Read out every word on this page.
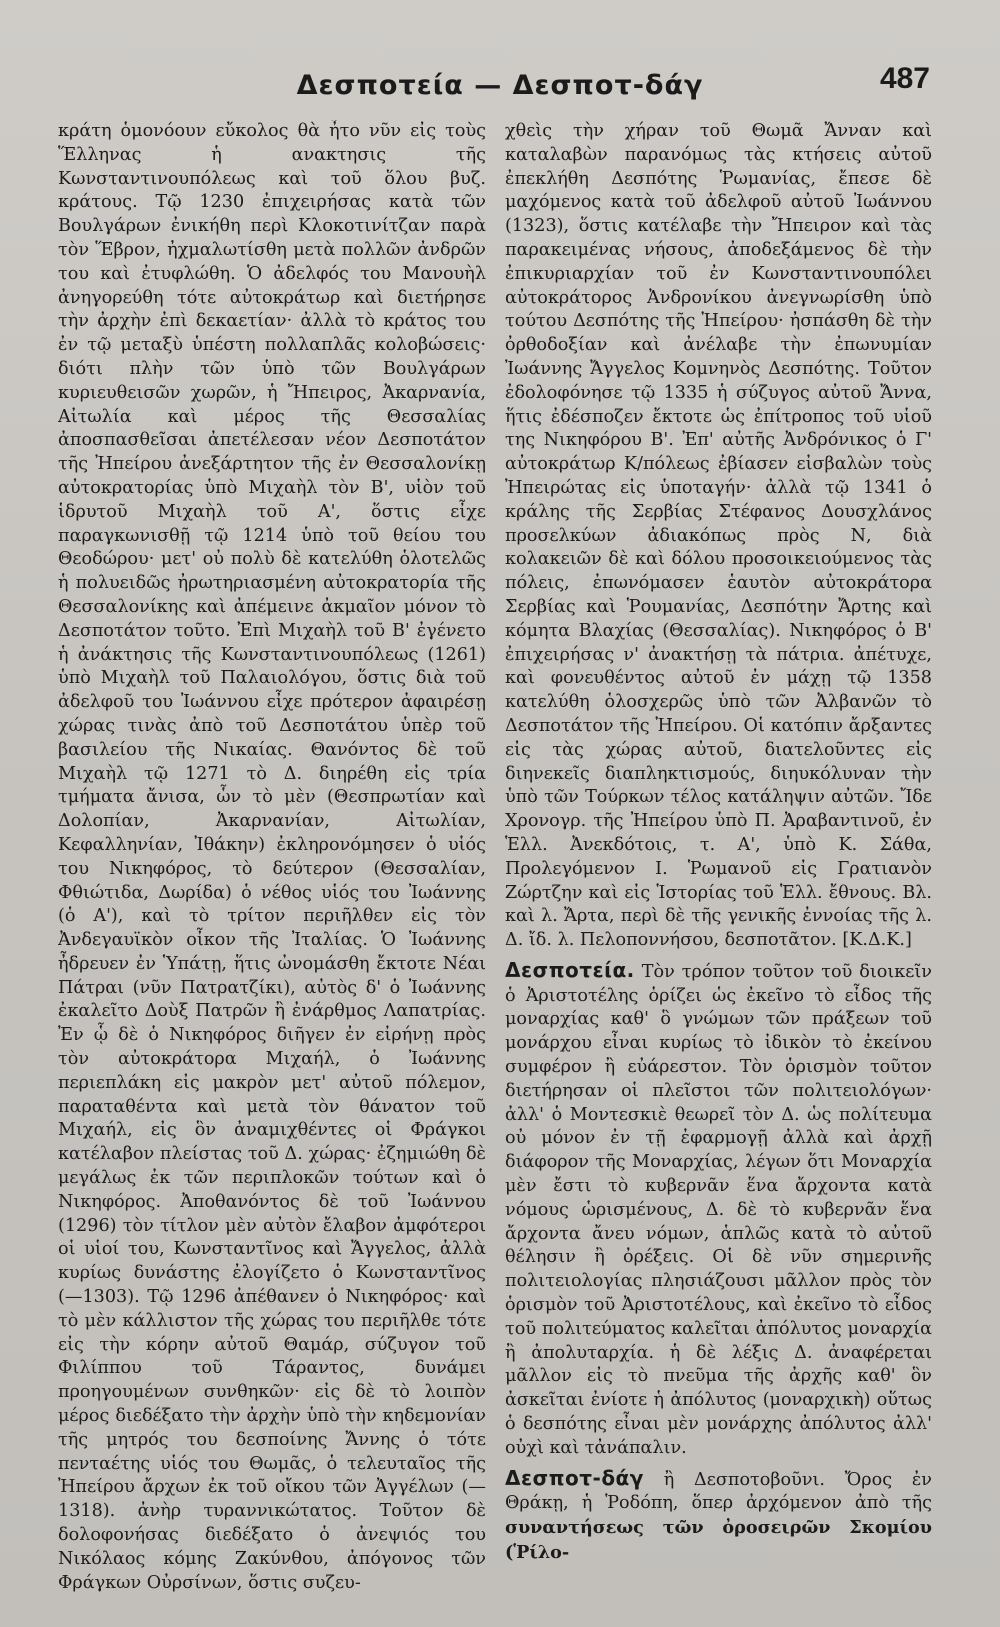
Δεσποτεία — Δεσποτ-δάγ	487

κράτη ὁμονόουν εὔκολος θὰ ἦτο νῦν εἰς τοὺς Ἕλληνας ἡ ανακτησις τῆς Κωνσταντινουπόλεως καὶ τοῦ ὅλου βυζ. κράτους. Τῷ 1230 ἐπιχειρήσας κατὰ τῶν Βουλγάρων ἐνικήθη περὶ Κλοκοτινίτζαν παρὰ τὸν Ἕβρον, ἠχμαλωτίσθη μετὰ πολλῶν ἀνδρῶν του καὶ ἐτυφλώθη. Ὁ ἀδελφός του Μανουὴλ ἀνηγορεύθη τότε αὐτοκράτωρ καὶ διετήρησε τὴν ἀρχὴν ἐπὶ δεκαετίαν· ἀλλὰ τὸ κράτος του ἐν τῷ μεταξὺ ὑπέστη πολλαπλᾶς κολοβώσεις· διότι πλὴν τῶν ὑπὸ τῶν Βουλγάρων κυριευθεισῶν χωρῶν, ἡ Ἤπειρος, Ἀκαρνανία, Αἰτωλία καὶ μέρος τῆς Θεσσαλίας ἀποσπασθεῖσαι ἀπετέλεσαν νέον Δεσποτάτον τῆς Ἠπείρου ἀνεξάρτητον τῆς ἐν Θεσσαλονίκῃ αὐτοκρατορίας ὑπὸ Μιχαὴλ τὸν Β', υἱὸν τοῦ ἱδρυτοῦ Μιχαὴλ τοῦ Α', ὅστις εἶχε παραγκωνισθῇ τῷ 1214 ὑπὸ τοῦ θείου του Θεοδώρου· μετ' οὐ πολὺ δὲ κατελύθη ὁλοτελῶς ἡ πολυειδῶς ἠρωτηριασμένη αὐτοκρατορία τῆς Θεσσαλονίκης καὶ ἀπέμεινε ἀκμαῖον μόνον τὸ Δεσποτάτον τοῦτο. Ἐπὶ Μιχαὴλ τοῦ Β' ἐγένετο ἡ ἀνάκτησις τῆς Κωνσταντινουπόλεως (1261) ὑπὸ Μιχαὴλ τοῦ Παλαιολόγου, ὅστις διὰ τοῦ ἀδελφοῦ του Ἰωάννου εἶχε πρότερον ἀφαιρέσῃ χώρας τινὰς ἀπὸ τοῦ Δεσποτάτου ὑπὲρ τοῦ βασιλείου τῆς Νικαίας. Θανόντος δὲ τοῦ Μιχαὴλ τῷ 1271 τὸ Δ. διηρέθη εἰς τρία τμήματα ἄνισα, ὧν τὸ μὲν (Θεσπρωτίαν καὶ Δολοπίαν, Ἀκαρνανίαν, Αἰτωλίαν, Κεφαλληνίαν, Ἰθάκην) ἐκληρονόμησεν ὁ υἱός του Νικηφόρος, τὸ δεύτερον (Θεσσαλίαν, Φθιώτιδα, Δωρίδα) ὁ νέθος υἱός του Ἰωάννης (ὁ Α'), καὶ τὸ τρίτον περιῆλθεν εἰς τὸν Ἀνδεγαυϊκὸν οἶκον τῆς Ἰταλίας. Ὁ Ἰωάννης ἦδρευεν ἐν Ὑπάτῃ, ἥτις ὠνομάσθη ἔκτοτε Νέαι Πάτραι (νῦν Πατρατζίκι), αὐτὸς δ' ὁ Ἰωάννης ἐκαλεῖτο Δοὺξ Πατρῶν ἢ ἐνάρθμος Λαπατρίας. Ἐν ᾧ δὲ ὁ Νικηφόρος διῆγεν ἐν εἰρήνῃ πρὸς τὸν αὐτοκράτορα Μιχαήλ, ὁ Ἰωάννης περιεπλάκη εἰς μακρὸν μετ' αὐτοῦ πόλεμον, παραταθέντα καὶ μετὰ τὸν θάνατον τοῦ Μιχαήλ, εἰς ὃν ἀναμιχθέντες οἱ Φράγκοι κατέλαβον πλείστας τοῦ Δ. χώρας· ἐζημιώθη δὲ μεγάλως ἐκ τῶν περιπλοκῶν τούτων καὶ ὁ Νικηφόρος. Ἀποθανόντος δὲ τοῦ Ἰωάννου (1296) τὸν τίτλον μὲν αὐτὸν ἔλαβον ἀμφότεροι οἱ υἱοί του, Κωνσταντῖνος καὶ Ἄγγελος, ἀλλὰ κυρίως δυνάστης ἐλογίζετο ὁ Κωνσταντῖνος (—1303). Τῷ 1296 ἀπέθανεν ὁ Νικηφόρος· καὶ τὸ μὲν κάλλιστον τῆς χώρας του περιῆλθε τότε εἰς τὴν κόρην αὐτοῦ Θαμάρ, σύζυγον τοῦ Φιλίππου τοῦ Τάραντος, δυνάμει προηγουμένων συνθηκῶν· εἰς δὲ τὸ λοιπὸν μέρος διεδέξατο τὴν ἀρχὴν ὑπὸ τὴν κηδεμονίαν τῆς μητρός του δεσποίνης Ἄννης ὁ τότε πενταέτης υἱός του Θωμᾶς, ὁ τελευταῖος τῆς Ἠπείρου ἄρχων ἐκ τοῦ οἴκου τῶν Ἀγγέλων (—1318). ἀνὴρ τυραννικώτατος. Τοῦτον δὲ δολοφονήσας διεδέξατο ὁ ἀνεψιός του Νικόλαος κόμης Ζακύνθου, ἀπόγονος τῶν Φράγκων Οὐρσίνων, ὅστις συζευ-

χθεὶς τὴν χήραν τοῦ Θωμᾶ Ἄνναν καὶ καταλαβὼν παρανόμως τὰς κτήσεις αὐτοῦ ἐπεκλήθη Δεσπότης Ῥωμανίας, ἔπεσε δὲ μαχόμενος κατὰ τοῦ ἀδελφοῦ αὐτοῦ Ἰωάννου (1323), ὅστις κατέλαβε τὴν Ἤπειρον καὶ τὰς παρακειμένας νήσους, ἀποδεξάμενος δὲ τὴν ἐπικυριαρχίαν τοῦ ἐν Κωνσταντινουπόλει αὐτοκράτορος Ἀνδρονίκου ἀνεγνωρίσθη ὑπὸ τούτου Δεσπότης τῆς Ἠπείρου· ἠσπάσθη δὲ τὴν ὀρθοδοξίαν καὶ ἀνέλαβε τὴν ἐπωνυμίαν Ἰωάννης Ἄγγελος Κομνηνὸς Δεσπότης. Τοῦτον ἐδολοφόνησε τῷ 1335 ἡ σύζυγος αὐτοῦ Ἄννα, ἥτις ἐδέσποζεν ἔκτοτε ὡς ἐπίτροπος τοῦ υἱοῦ της Νικηφόρου Β'. Ἐπ' αὐτῆς Ἀνδρόνικος ὁ Γ' αὐτοκράτωρ Κ/πόλεως ἐβίασεν εἰσβαλὼν τοὺς Ἠπειρώτας εἰς ὑποταγήν· ἀλλὰ τῷ 1341 ὁ κράλης τῆς Σερβίας Στέφανος Δουσχλάνος προσελκύων ἀδιακόπως πρὸς Ν, διὰ κολακειῶν δὲ καὶ δόλου προσοικειούμενος τὰς πόλεις, ἐπωνόμασεν ἑαυτὸν αὐτοκράτορα Σερβίας καὶ Ῥουμανίας, Δεσπότην Ἄρτης καὶ κόμητα Βλαχίας (Θεσσαλίας). Νικηφόρος ὁ Β' ἐπιχειρήσας ν' ἀνακτήσῃ τὰ πάτρια. ἀπέτυχε, καὶ φονευθέντος αὐτοῦ ἐν μάχῃ τῷ 1358 κατελύθη ὁλοσχερῶς ὑπὸ τῶν Ἀλβανῶν τὸ Δεσποτάτον τῆς Ἠπείρου. Οἱ κατόπιν ἄρξαντες εἰς τὰς χώρας αὐτοῦ, διατελοῦντες εἰς διηνεκεῖς διαπληκτισμούς, διηυκόλυναν τὴν ὑπὸ τῶν Τούρκων τέλος κατάληψιν αὐτῶν. Ἴδε Χρονογρ. τῆς Ἠπείρου ὑπὸ Π. Ἀραβαντινοῦ, ἐν Ἑλλ. Ἀνεκδότοις, τ. Α', ὑπὸ Κ. Σάθα, Προλεγόμενον Ι. Ῥωμανοῦ εἰς Γρατιανὸν Ζώρτζην καὶ εἰς Ἱστορίας τοῦ Ἑλλ. ἔθνους. Βλ. καὶ λ. Ἄρτα, περὶ δὲ τῆς γενικῆς ἐννοίας τῆς λ. Δ. ἴδ. λ. Πελοποννήσου, δεσποτᾶτον. [Κ.Δ.Κ.]

Δεσποτεία. Τὸν τρόπον τοῦτον τοῦ διοικεῖν ὁ Ἀριστοτέλης ὁρίζει ὡς ἐκεῖνο τὸ εἶδος τῆς μοναρχίας καθ' ὃ γνώμων τῶν πράξεων τοῦ μονάρχου εἶναι κυρίως τὸ ἰδικὸν τὸ ἐκείνου συμφέρον ἢ εὐάρεστον. Τὸν ὁρισμὸν τοῦτον διετήρησαν οἱ πλεῖστοι τῶν πολιτειολόγων· ἀλλ' ὁ Μοντεσκιὲ θεωρεῖ τὸν Δ. ὡς πολίτευμα οὐ μόνον ἐν τῇ ἐφαρμογῇ ἀλλὰ καὶ ἀρχῇ διάφορον τῆς Μοναρχίας, λέγων ὅτι Μοναρχία μὲν ἔστι τὸ κυβερνᾶν ἕνα ἄρχοντα κατὰ νόμους ὡρισμένους, Δ. δὲ τὸ κυβερνᾶν ἕνα ἄρχοντα ἄνευ νόμων, ἁπλῶς κατὰ τὸ αὐτοῦ θέλησιν ἢ ὀρέξεις. Οἱ δὲ νῦν σημερινῆς πολιτειολογίας πλησιάζουσι μᾶλλον πρὸς τὸν ὁρισμὸν τοῦ Ἀριστοτέλους, καὶ ἐκεῖνο τὸ εἶδος τοῦ πολιτεύματος καλεῖται ἀπόλυτος μοναρχία ἢ ἀπολυταρχία. ἡ δὲ λέξις Δ. ἀναφέρεται μᾶλλον εἰς τὸ πνεῦμα τῆς ἀρχῆς καθ' ὃν ἀσκεῖται ἐνίοτε ἡ ἀπόλυτος (μοναρχικὴ) οὕτως ὁ δεσπότης εἶναι μὲν μονάρχης ἀπόλυτος ἀλλ' οὐχὶ καὶ τἀνάπαλιν.

Δεσποτ-δάγ ἢ Δεσποτοβοῦνι. Ὄρος ἐν Θράκῃ, ἡ Ῥοδόπη, ὅπερ ἀρχόμενον ἀπὸ τῆς συναντήσεως τῶν ὀροσειρῶν Σκομίου (Ῥίλο-
